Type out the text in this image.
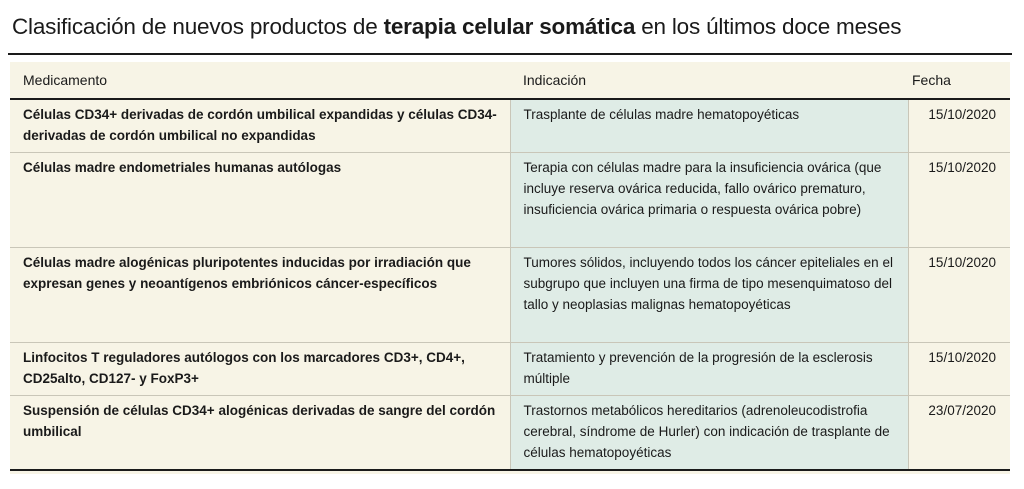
Clasificación de nuevos productos de terapia celular somática en los últimos doce meses
Medicamento	Indicación	Fecha
Células CD34+ derivadas de cordón umbilical expandidas y células CD34- derivadas de cordón umbilical no expandidas	Trasplante de células madre hematopoyéticas	15/10/2020
Células madre endometriales humanas autólogas	Terapia con células madre para la insuficiencia ovárica (que incluye reserva ovárica reducida, fallo ovárico prematuro, insuficiencia ovárica primaria o respuesta ovárica pobre)	15/10/2020
Células madre alogénicas pluripotentes inducidas por irradiación que expresan genes y neoantígenos embriónicos cáncer-específicos	Tumores sólidos, incluyendo todos los cáncer epiteliales en el subgrupo que incluyen una firma de tipo mesenquimatoso del tallo y neoplasias malignas hematopoyéticas	15/10/2020
Linfocitos T reguladores autólogos con los marcadores CD3+, CD4+, CD25alto, CD127- y FoxP3+	Tratamiento y prevención de la progresión de la esclerosis múltiple	15/10/2020
Suspensión de células CD34+ alogénicas derivadas de sangre del cordón umbilical	Trastornos metabólicos hereditarios (adrenoleucodistrofia cerebral, síndrome de Hurler) con indicación de trasplante de células hematopoyéticas	23/07/2020
